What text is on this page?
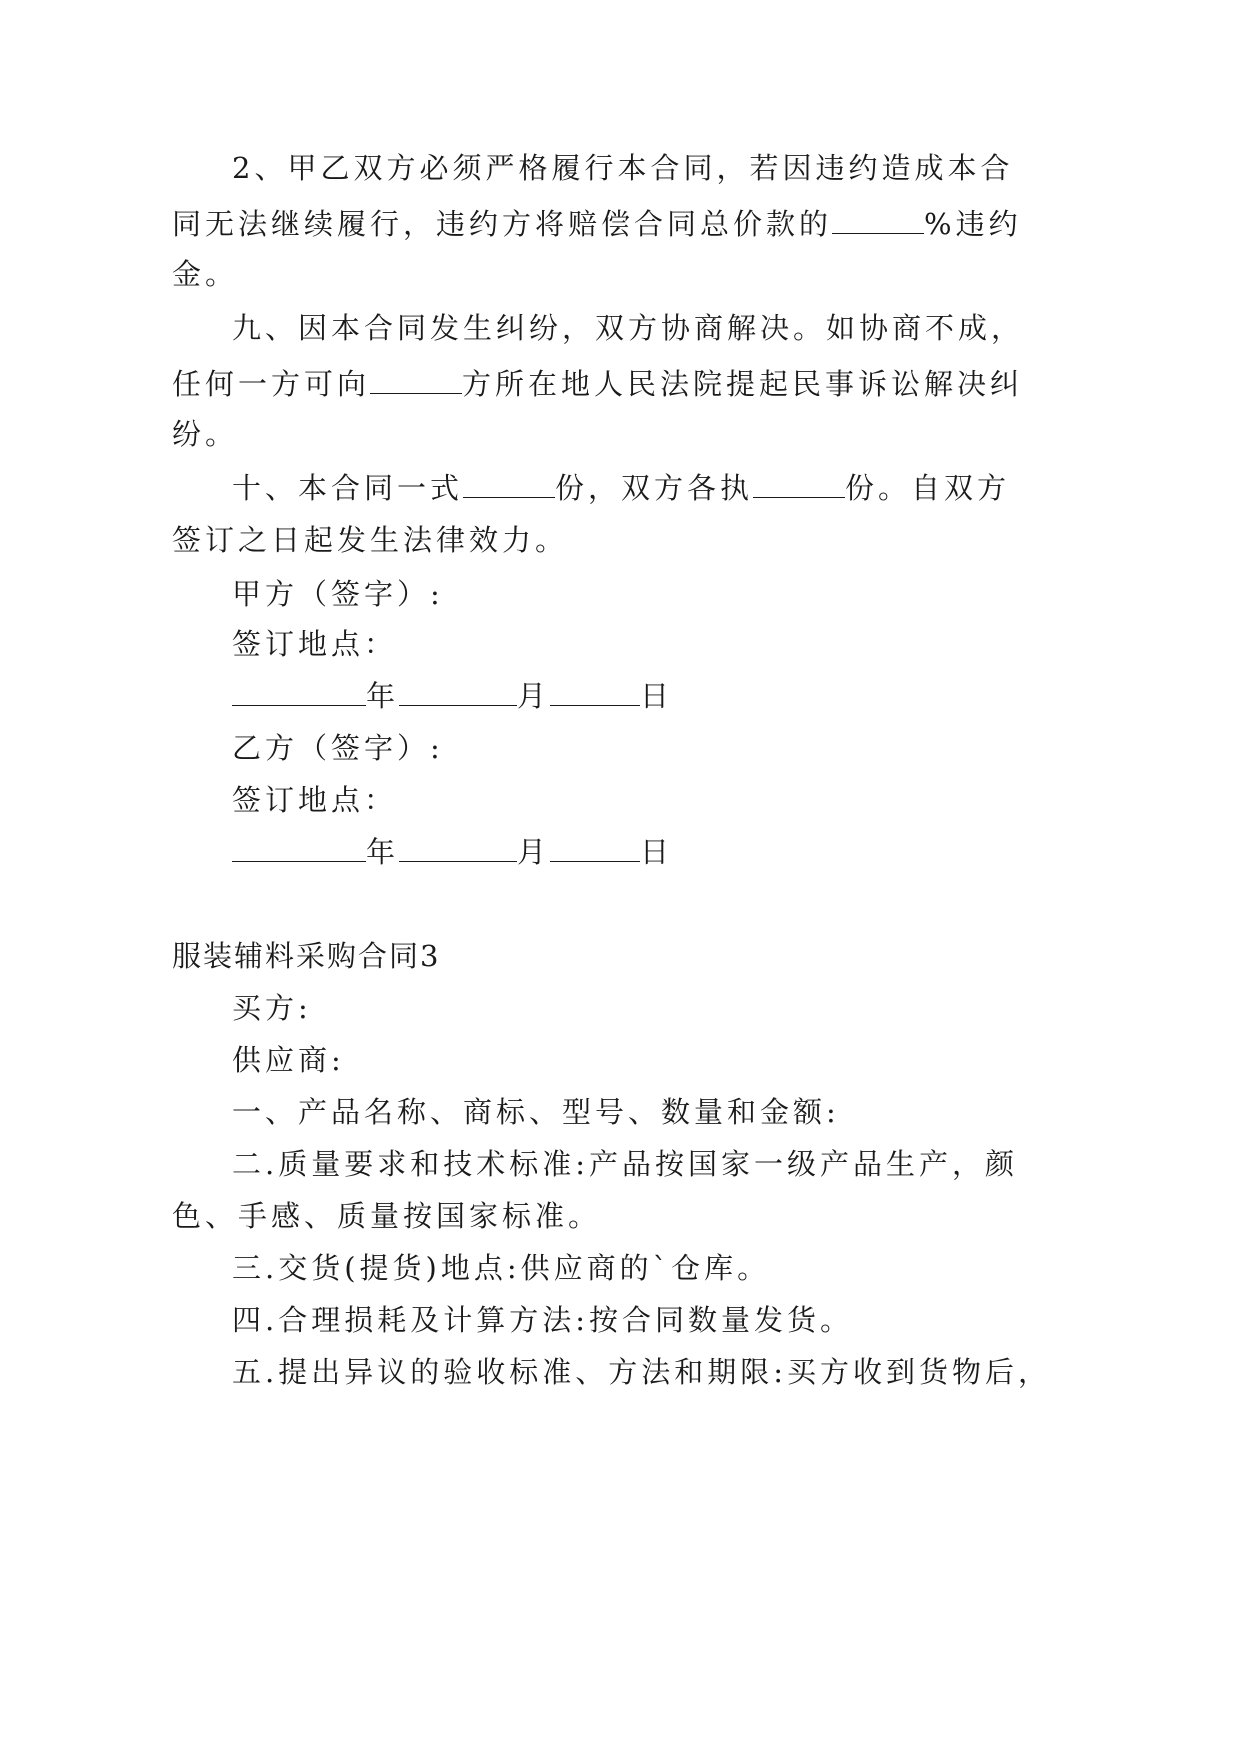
2、甲乙双方必须严格履行本合同，若因违约造成本合
同无法继续履行，违约方将赔偿合同总价款的	%违约
金。
九、因本合同发生纠纷，双方协商解决。如协商不成，
任何一方可向	方所在地人民法院提起民事诉讼解决纠
纷。
十、本合同一式	份，双方各执	份。自双方
签订之日起发生法律效力。
甲方（签字）:
签订地点：
年	月	日
乙方（签字）:
签订地点：
年	月	日
服装辅料采购合同3
买方:
供应商:
一、产品名称、商标、型号、数量和金额:
二.质量要求和技术标准:产品按国家一级产品生产，颜
色、手感、质量按国家标准。
三.交货(提货)地点:供应商的`仓库。
四.合理损耗及计算方法:按合同数量发货。
五.提出异议的验收标准、方法和期限:买方收到货物后，
